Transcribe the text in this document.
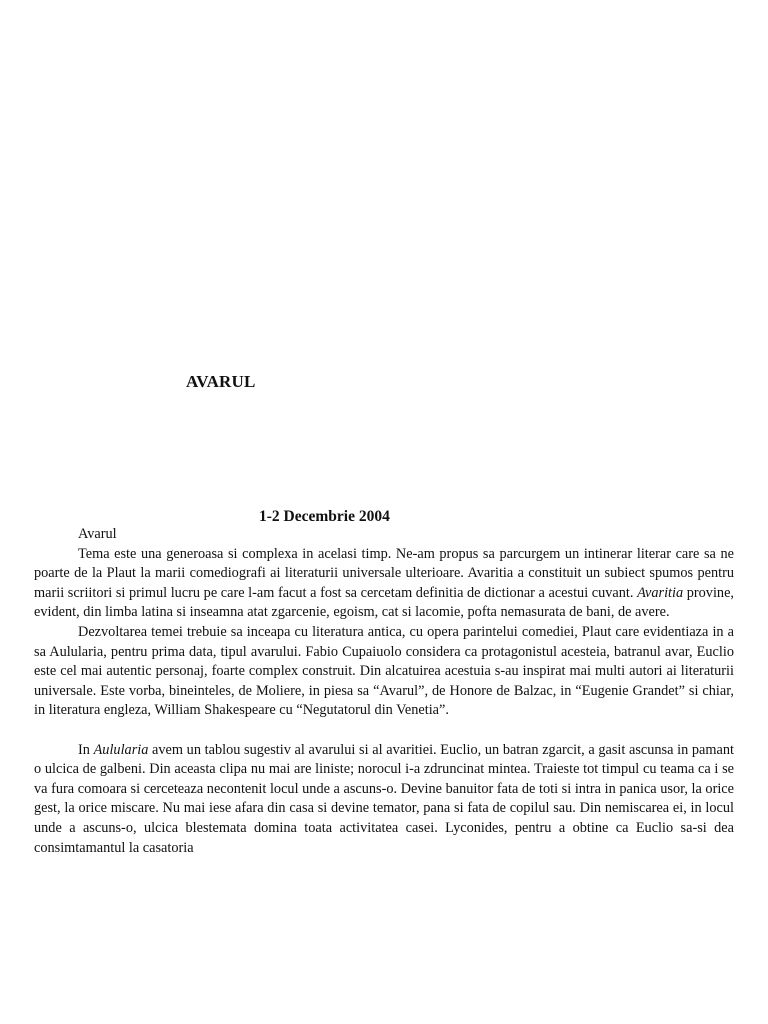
AVARUL
1-2 Decembrie 2004

Avarul

Tema este una generoasa si complexa in acelasi timp. Ne-am propus sa parcurgem un intinerar literar care sa ne poarte de la Plaut la marii comediografi ai literaturii universale ulterioare. Avaritia a constituit un subiect spumos pentru marii scriitori si primul lucru pe care l-am facut a fost sa cercetam definitia de dictionar a acestui cuvant. Avaritia provine, evident, din limba latina si inseamna atat zgarcenie, egoism, cat si lacomie, pofta nemasurata de bani, de avere.

Dezvoltarea temei trebuie sa inceapa cu literatura antica, cu opera parintelui comediei, Plaut care evidentiaza in a sa Aulularia, pentru prima data, tipul avarului. Fabio Cupaiuolo considera ca protagonistul acesteia, batranul avar, Euclio este cel mai autentic personaj, foarte complex construit. Din alcatuirea acestuia s-au inspirat mai multi autori ai literaturii universale. Este vorba, bineinteles, de Moliere, in piesa sa “Avarul”, de Honore de Balzac, in “Eugenie Grandet” si chiar, in literatura engleza, William Shakespeare cu “Negutatorul din Venetia”.

In Aulularia avem un tablou sugestiv al avarului si al avaritiei. Euclio, un batran zgarcit, a gasit ascunsa in pamant o ulcica de galbeni. Din aceasta clipa nu mai are liniste; norocul i-a zdruncinat mintea. Traieste tot timpul cu teama ca i se va fura comoara si cerceteaza necontenit locul unde a ascuns-o. Devine banuitor fata de toti si intra in panica usor, la orice gest, la orice miscare. Nu mai iese afara din casa si devine temator, pana si fata de copilul sau. Din nemiscarea ei, in locul unde a ascuns-o, ulcica blestemata domina toata activitatea casei. Lyconides, pentru a obtine ca Euclio sa-si dea consimtamantul la casatoria
